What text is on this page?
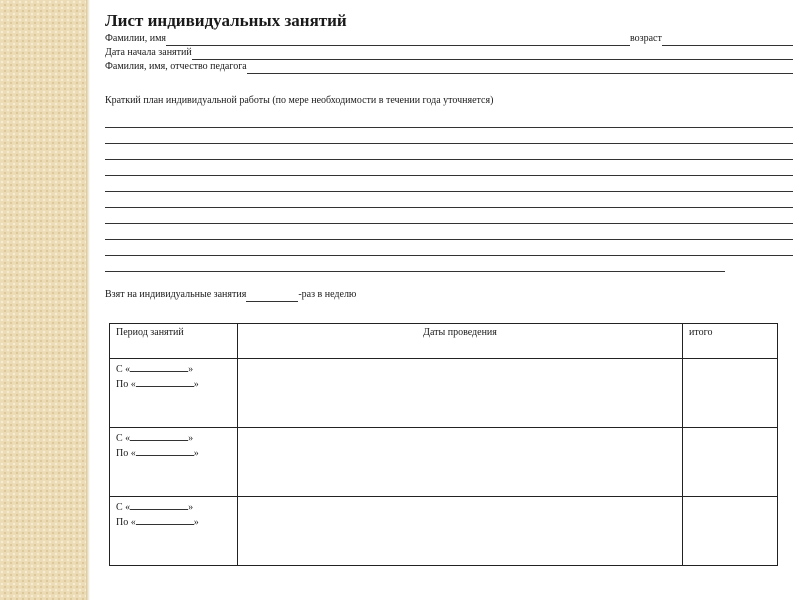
Лист индивидуальных занятий
Фамилии, имя	возраст
Дата начала занятий
Фамилия, имя, отчество педагога
Краткий план индивидуальной работы (по мере необходимости в течении года уточняется)
Взят на индивидуальные занятия	-раз в неделю
Период занятий	Даты проведения	итого

С « »
По « »		

С « »
По « »		

С « »
По « »		
